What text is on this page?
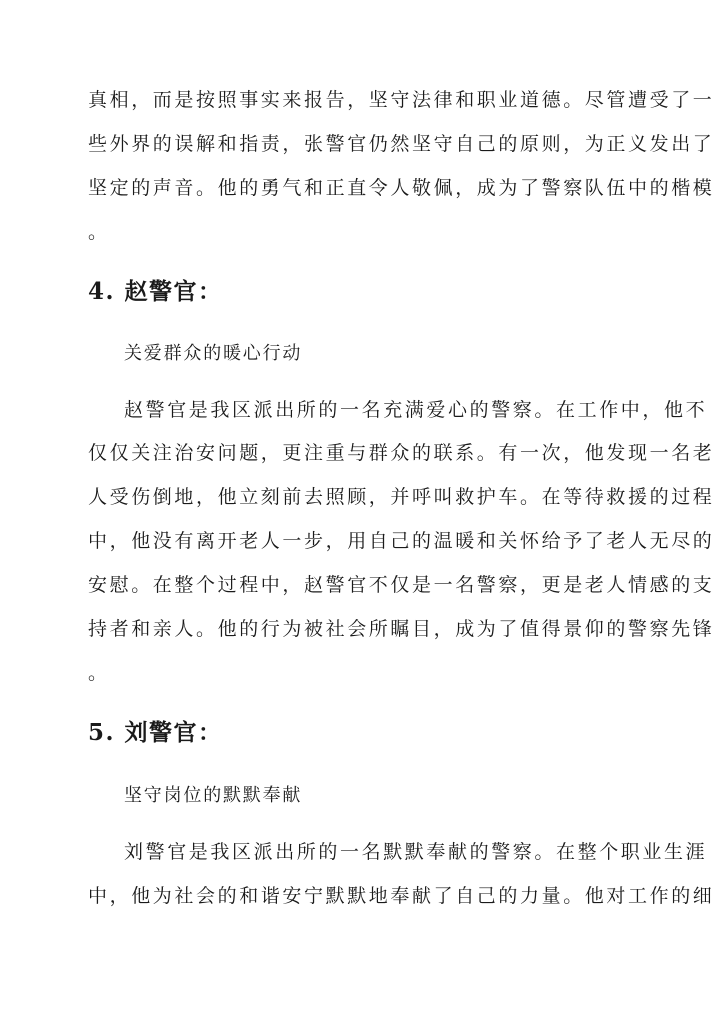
真相，而是按照事实来报告，坚守法律和职业道德。尽管遭受了一
些外界的误解和指责，张警官仍然坚守自己的原则，为正义发出了
坚定的声音。他的勇气和正直令人敬佩，成为了警察队伍中的楷模
。
4. 赵警官：
关爱群众的暖心行动
赵警官是我区派出所的一名充满爱心的警察。在工作中，他不
仅仅关注治安问题，更注重与群众的联系。有一次，他发现一名老
人受伤倒地，他立刻前去照顾，并呼叫救护车。在等待救援的过程
中，他没有离开老人一步，用自己的温暖和关怀给予了老人无尽的
安慰。在整个过程中，赵警官不仅是一名警察，更是老人情感的支
持者和亲人。他的行为被社会所瞩目，成为了值得景仰的警察先锋
。
5. 刘警官：
坚守岗位的默默奉献
刘警官是我区派出所的一名默默奉献的警察。在整个职业生涯
中，他为社会的和谐安宁默默地奉献了自己的力量。他对工作的细
